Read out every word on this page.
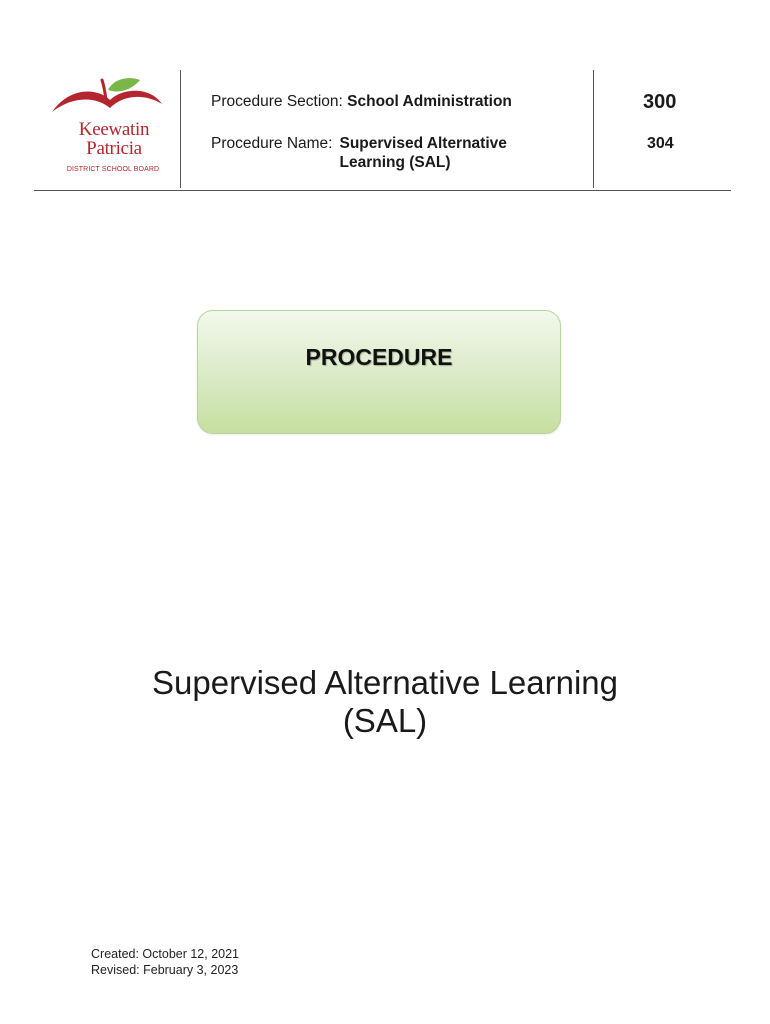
Keewatin
Patricia
DISTRICT SCHOOL BOARD
Procedure Section: School Administration
Procedure Name: Supervised Alternative Learning (SAL)
300
304
PROCEDURE
Supervised Alternative Learning
(SAL)
Created: October 12, 2021
Revised: February 3, 2023
